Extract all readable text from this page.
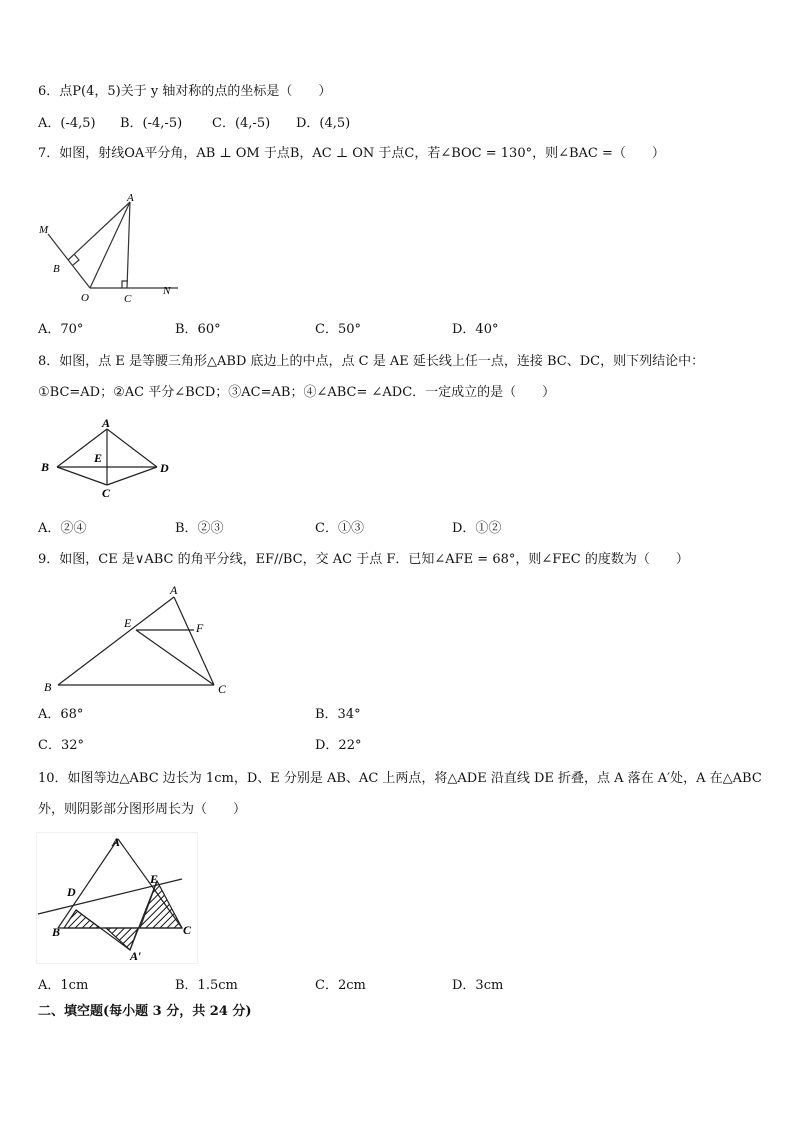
6．点P(4，5)关于 y 轴对称的点的坐标是（　　）
A．(-4,5) B．(-4,-5) C．(4,-5) D．(4,5)
7．如图，射线OA平分角，AB ⊥ OM 于点B，AC ⊥ ON 于点C，若∠BOC = 130°，则∠BAC =（　　）
A
M
B
O	C
N
A．70°	B．60°	C．50°	D．40°
8．如图，点 E 是等腰三角形△ABD 底边上的中点，点 C 是 AE 延长线上任一点，连接 BC、DC，则下列结论中：
①BC=AD；②AC 平分∠BCD；③AC=AB；④∠ABC= ∠ADC．一定成立的是（　　）
A
B
E
D
C
A．②④	B．②③	C．①③	D．①②
9．如图，CE 是∨ABC 的角平分线，EF//BC，交 AC 于点 F．已知∠AFE = 68°，则∠FEC 的度数为（　　）
A
E	F
B	C
A．68°	B．34°
C．32°	D．22°
10．如图等边△ABC 边长为 1cm，D、E 分别是 AB、AC 上两点，将△ADE 沿直线 DE 折叠，点 A 落在 A′处，A 在△ABC
外，则阴影部分图形周长为（　　）
A
D
E
B	C
A′
A．1cm	B．1.5cm	C．2cm	D．3cm
二、填空题(每小题 3 分，共 24 分)
